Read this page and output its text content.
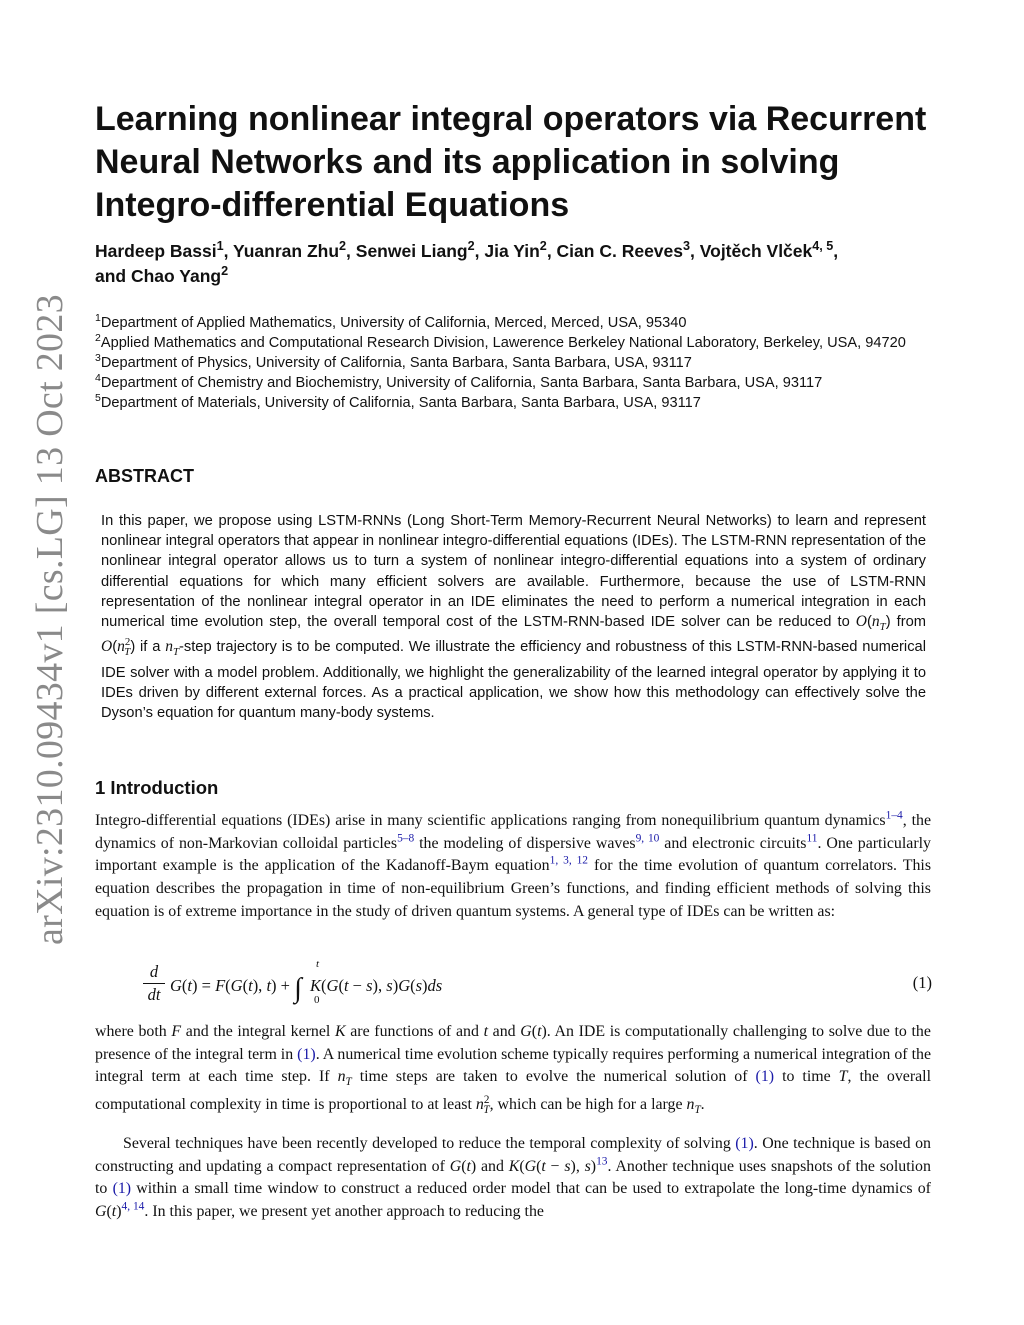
arXiv:2310.09434v1 [cs.LG] 13 Oct 2023
Learning nonlinear integral operators via Recurrent Neural Networks and its application in solving Integro-differential Equations
Hardeep Bassi$^1$, Yuanran Zhu$^2$, Senwei Liang$^2$, Jia Yin$^2$, Cian C. Reeves$^3$, Vojtěch Vlček$^{4, 5}$,
and Chao Yang$^2$

$^1$Department of Applied Mathematics, University of California, Merced, Merced, USA, 95340

$^2$Applied Mathematics and Computational Research Division, Lawerence Berkeley National Laboratory, Berkeley, USA, 94720

$^3$Department of Physics, University of California, Santa Barbara, Santa Barbara, USA, 93117

$^4$Department of Chemistry and Biochemistry, University of California, Santa Barbara, Santa Barbara, USA, 93117

$^5$Department of Materials, University of California, Santa Barbara, Santa Barbara, USA, 93117

ABSTRACT
In this paper, we propose using LSTM-RNNs (Long Short-Term Memory-Recurrent Neural Networks) to learn and represent nonlinear integral operators that appear in nonlinear integro-differential equations (IDEs). The LSTM-RNN representation of the nonlinear integral operator allows us to turn a system of nonlinear integro-differential equations into a system of ordinary differential equations for which many efficient solvers are available. Furthermore, because the use of LSTM-RNN representation of the nonlinear integral operator in an IDE eliminates the need to perform a numerical integration in each numerical time evolution step, the overall temporal cost of the LSTM-RNN-based IDE solver can be reduced to $O(n_T)$ from $O(n^2_T)$ if a $n_T$-step trajectory is to be computed. We illustrate the efficiency and robustness of this LSTM-RNN-based numerical IDE solver with a model problem. Additionally, we highlight the generalizability of the learned integral operator by applying it to IDEs driven by different external forces. As a practical application, we show how this methodology can effectively solve the Dyson’s equation for quantum many-body systems.
1 Introduction
Integro-differential equations (IDEs) arise in many scientific applications ranging from nonequilibrium quantum dynamics$^{1-4}$, the dynamics of non-Markovian colloidal particles$^{5-8}$ the modeling of dispersive waves$^{9, 10}$ and electronic circuits$^{11}$. One particularly important example is the application of the Kadanoff-Baym equation$^{1, 3, 12}$ for the time evolution of quantum correlators. This equation describes the propagation in time of non-equilibrium Green’s functions, and finding efficient methods of solving this equation is of extreme importance in the study of driven quantum systems. A general type of IDEs can be written as:
d
dt G(t) = F(G(t), t) + ∫ K(G(t − s), s)G(s)ds
t
0
(1)
where both F and the integral kernel K are functions of and t and G(t). An IDE is computationally challenging to solve due to the presence of the integral term in (1). A numerical time evolution scheme typically requires performing a numerical integration of the integral term at each time step. If $n_T$ time steps are taken to evolve the numerical solution of (1) to time T, the overall computational complexity in time is proportional to at least $n^2_T$, which can be high for a large $n_T$.
Several techniques have been recently developed to reduce the temporal complexity of solving (1). One technique is based on constructing and updating a compact representation of G(t) and K(G(t − s), s)$^{13}$. Another technique uses snapshots of the solution to (1) within a small time window to construct a reduced order model that can be used to extrapolate the long-time dynamics of $G(t)^{4, 14}$. In this paper, we present yet another approach to reducing the
